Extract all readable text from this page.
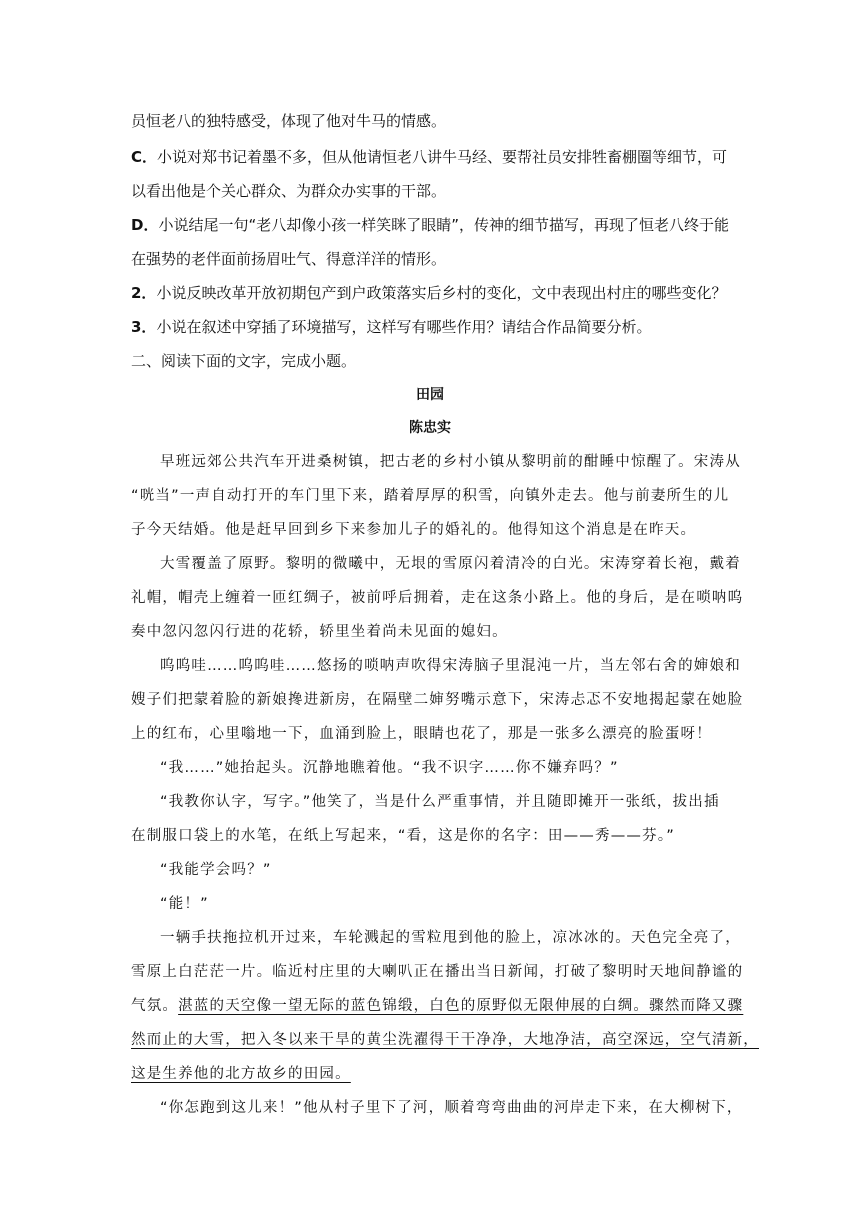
员恒老八的独特感受，体现了他对牛马的情感。
C．小说对郑书记着墨不多，但从他请恒老八讲牛马经、要帮社员安排牲畜棚圈等细节，可
以看出他是个关心群众、为群众办实事的干部。
D．小说结尾一句“老八却像小孩一样笑眯了眼睛”，传神的细节描写，再现了恒老八终于能
在强势的老伴面前扬眉吐气、得意洋洋的情形。
2．小说反映改革开放初期包产到户政策落实后乡村的变化，文中表现出村庄的哪些变化？
3．小说在叙述中穿插了环境描写，这样写有哪些作用？请结合作品简要分析。
二、阅读下面的文字，完成小题。
田园
陈忠实
早班远郊公共汽车开进桑树镇，把古老的乡村小镇从黎明前的酣睡中惊醒了。宋涛从
“咣当”一声自动打开的车门里下来，踏着厚厚的积雪，向镇外走去。他与前妻所生的儿
子今天结婚。他是赶早回到乡下来参加儿子的婚礼的。他得知这个消息是在昨天。
大雪覆盖了原野。黎明的微曦中，无垠的雪原闪着清冷的白光。宋涛穿着长袍，戴着
礼帽，帽壳上缠着一匝红绸子，被前呼后拥着，走在这条小路上。他的身后，是在唢呐呜
奏中忽闪忽闪行进的花轿，轿里坐着尚未见面的媳妇。
呜呜哇……呜呜哇……悠扬的唢呐声吹得宋涛脑子里混沌一片，当左邻右舍的婶娘和
嫂子们把蒙着脸的新娘搀进新房，在隔壁二婶努嘴示意下，宋涛忐忑不安地揭起蒙在她脸
上的红布，心里嗡地一下，血涌到脸上，眼睛也花了，那是一张多么漂亮的脸蛋呀！
“我……”她抬起头。沉静地瞧着他。“我不识字……你不嫌弃吗？”
“我教你认字，写字。”他笑了，当是什么严重事情，并且随即摊开一张纸，拔出插
在制服口袋上的水笔，在纸上写起来，“看，这是你的名字：田——秀——芬。”
“我能学会吗？”
“能！”
一辆手扶拖拉机开过来，车轮溅起的雪粒甩到他的脸上，凉冰冰的。天色完全亮了，
雪原上白茫茫一片。临近村庄里的大喇叭正在播出当日新闻，打破了黎明时天地间静谧的
气氛。湛蓝的天空像一望无际的蓝色锦缎，白色的原野似无限伸展的白绸。骤然而降又骤
然而止的大雪，把入冬以来干旱的黄尘洗濯得干干净净，大地净洁，高空深远，空气清新，
这是生养他的北方故乡的田园。
“你怎跑到这儿来！”他从村子里下了河，顺着弯弯曲曲的河岸走下来，在大柳树下，
